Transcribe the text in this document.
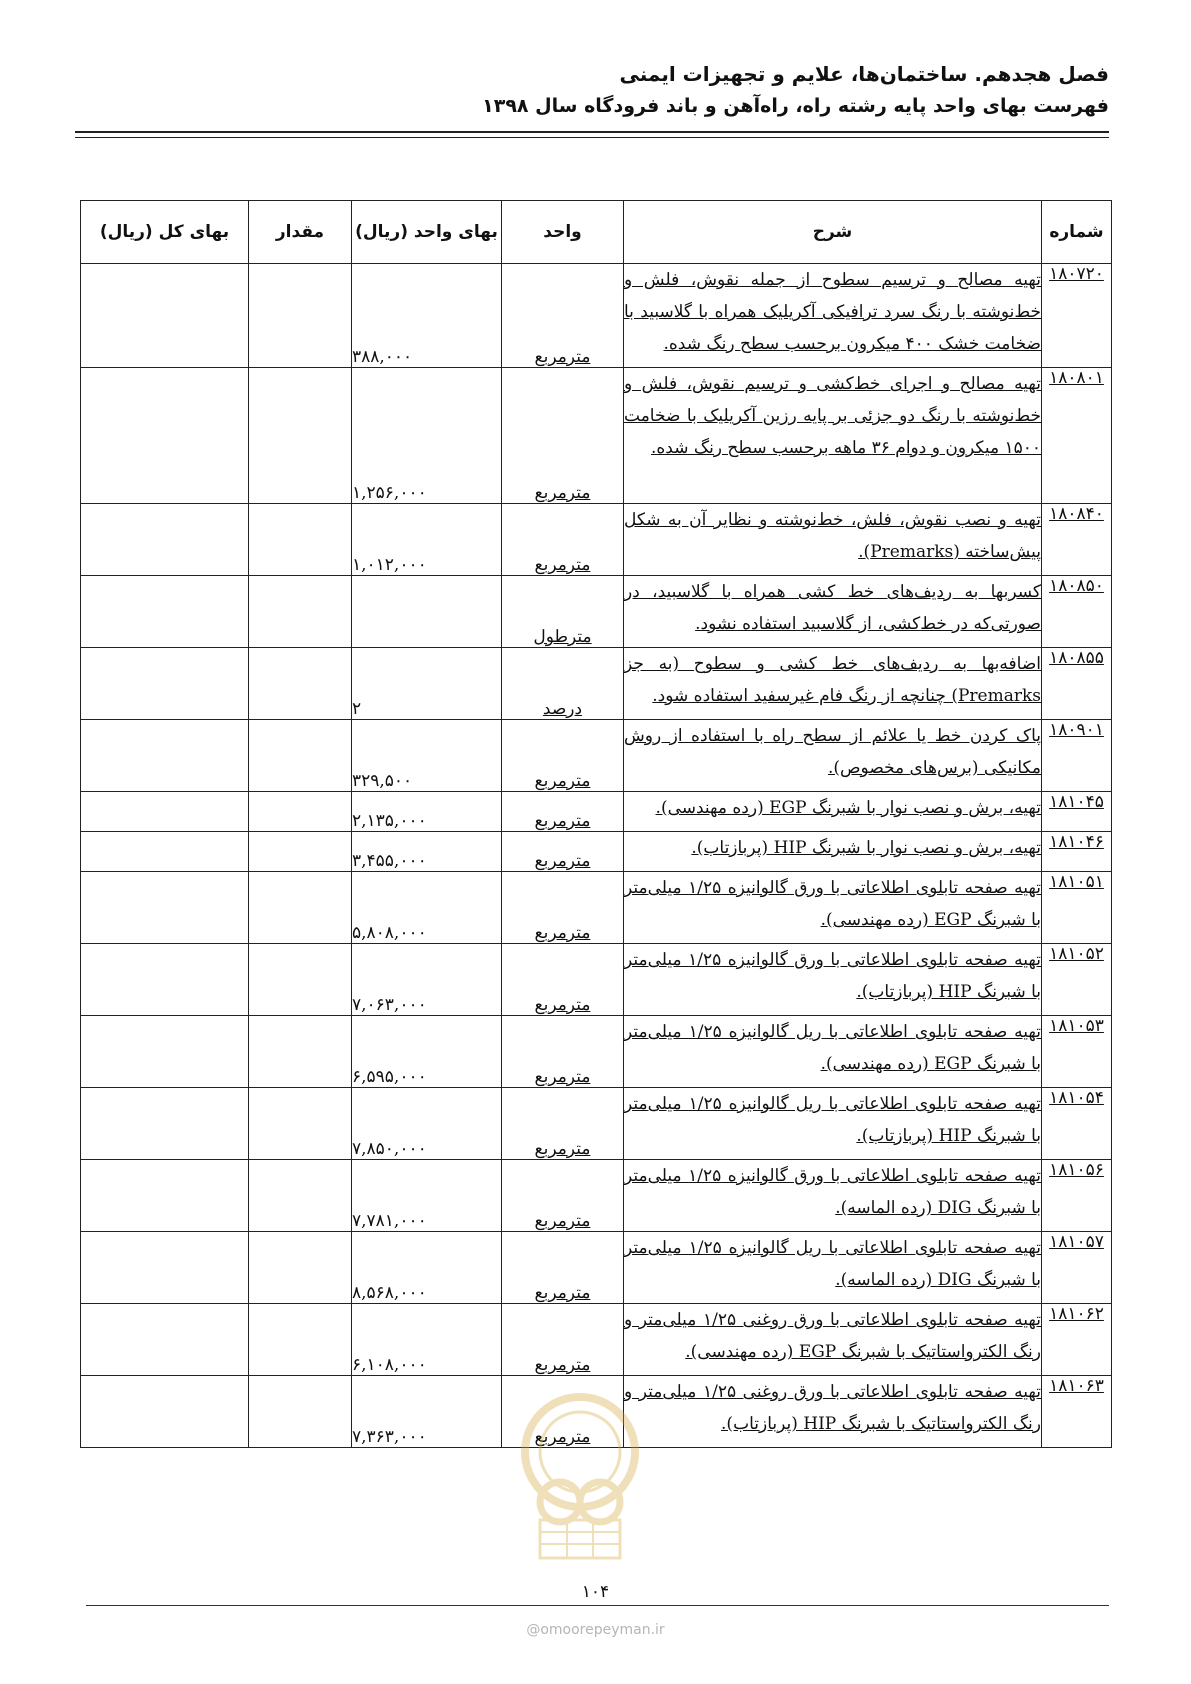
فصل هجدهم. ساختمان‌ها، علایم و تجهیزات ایمنی
فهرست بهای واحد پایه رشته راه، راه‌آهن و باند فرودگاه سال ۱۳۹۸
شماره	شرح	واحد	بهای واحد (ریال)	مقدار	بهای کل (ریال)
۱۸۰۷۲۰	تهیه مصالح و ترسیم سطوح از جمله نقوش، فلش و خط‌نوشته با رنگ سرد ترافیکی آکریلیک همراه با گلاسبید با ضخامت خشک ۴۰۰ میکرون برحسب سطح رنگ شده.	مترمربع	۳۸۸,۰۰۰		
۱۸۰۸۰۱	تهیه مصالح و اجرای خط‌کشی و ترسیم نقوش، فلش و خط‌نوشته با رنگ دو جزئی بر پایه رزین آکریلیک با ضخامت ۱۵۰۰ میکرون و دوام ۳۶ ماهه برحسب سطح رنگ شده.	مترمربع	۱,۲۵۶,۰۰۰		
۱۸۰۸۴۰	تهیه و نصب نقوش، فلش، خط‌نوشته و نظایر آن به شکل پیش‌ساخته (Premarks).	مترمربع	۱,۰۱۲,۰۰۰		
۱۸۰۸۵۰	کسربها به ردیف‌های خط کشی همراه با گلاسبید، در صورتی‌که در خط‌کشی، از گلاسبید استفاده نشود.	مترطول			
۱۸۰۸۵۵	اضافه‌بها به ردیف‌های خط کشی و سطوح (به جز Premarks) چنانچه از رنگ فام غیرسفید استفاده شود.	درصد	۲		
۱۸۰۹۰۱	پاک کردن خط یا علائم از سطح راه با استفاده از روش مکانیکی (برس‌های مخصوص).	مترمربع	۳۲۹,۵۰۰		
۱۸۱۰۴۵	تهیه، برش و نصب نوار با شبرنگ EGP (رده مهندسی).	مترمربع	۲,۱۳۵,۰۰۰		
۱۸۱۰۴۶	تهیه، برش و نصب نوار با شبرنگ HIP (پربازتاب).	مترمربع	۳,۴۵۵,۰۰۰		
۱۸۱۰۵۱	تهیه صفحه تابلوی اطلاعاتی با ورق گالوانیزه ۱/۲۵ میلی‌متر با شبرنگ EGP (رده مهندسی).	مترمربع	۵,۸۰۸,۰۰۰		
۱۸۱۰۵۲	تهیه صفحه تابلوی اطلاعاتی با ورق گالوانیزه ۱/۲۵ میلی‌متر با شبرنگ HIP (پربازتاب).	مترمربع	۷,۰۶۳,۰۰۰		
۱۸۱۰۵۳	تهیه صفحه تابلوی اطلاعاتی با ریل گالوانیزه ۱/۲۵ میلی‌متر با شبرنگ EGP (رده مهندسی).	مترمربع	۶,۵۹۵,۰۰۰		
۱۸۱۰۵۴	تهیه صفحه تابلوی اطلاعاتی با ریل گالوانیزه ۱/۲۵ میلی‌متر با شبرنگ HIP (پربازتاب).	مترمربع	۷,۸۵۰,۰۰۰		
۱۸۱۰۵۶	تهیه صفحه تابلوی اطلاعاتی با ورق گالوانیزه ۱/۲۵ میلی‌متر با شبرنگ DIG (رده الماسه).	مترمربع	۷,۷۸۱,۰۰۰		
۱۸۱۰۵۷	تهیه صفحه تابلوی اطلاعاتی با ریل گالوانیزه ۱/۲۵ میلی‌متر با شبرنگ DIG (رده الماسه).	مترمربع	۸,۵۶۸,۰۰۰		
۱۸۱۰۶۲	تهیه صفحه تابلوی اطلاعاتی با ورق روغنی ۱/۲۵ میلی‌متر و رنگ الکترواستاتیک با شبرنگ EGP (رده مهندسی).	مترمربع	۶,۱۰۸,۰۰۰		
۱۸۱۰۶۳	تهیه صفحه تابلوی اطلاعاتی با ورق روغنی ۱/۲۵ میلی‌متر و رنگ الکترواستاتیک با شبرنگ HIP (پربازتاب).	مترمربع	۷,۳۶۳,۰۰۰		
۱۰۴
@omoorepeyman.ir
